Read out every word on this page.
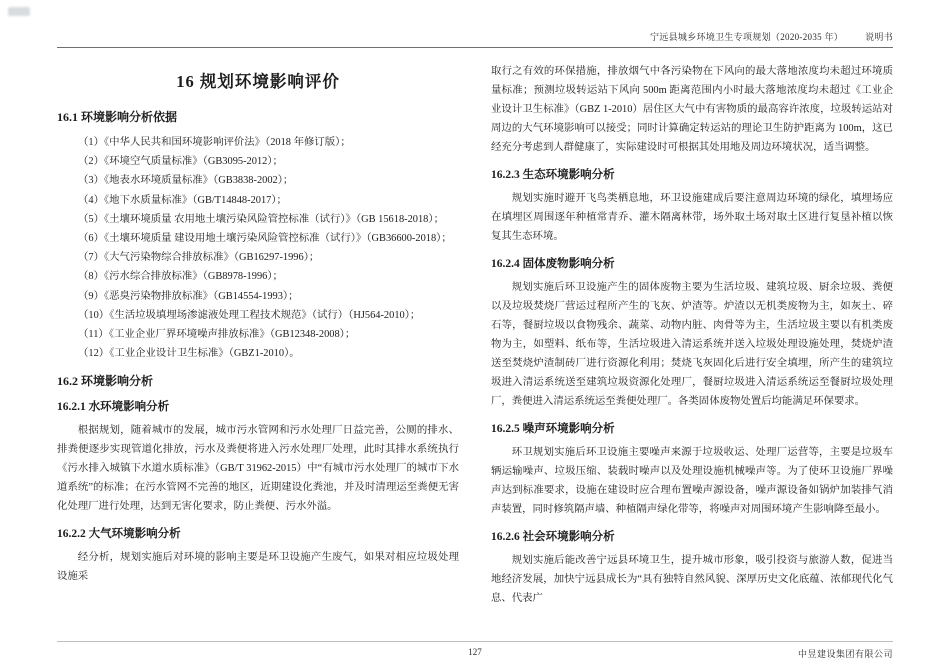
宁远县城乡环境卫生专项规划（2020-2035 年） 说明书
16 规划环境影响评价
16.1 环境影响分析依据

（1）《中华人民共和国环境影响评价法》（2018 年修订版）；

（2）《环境空气质量标准》（GB3095-2012）；

（3）《地表水环境质量标准》（GB3838-2002）；

（4）《地下水质量标准》（GB/T14848-2017）；

（5）《土壤环境质量 农用地土壤污染风险管控标准（试行）》（GB 15618-2018）；

（6）《土壤环境质量 建设用地土壤污染风险管控标准（试行）》（GB36600-2018）；

（7）《大气污染物综合排放标准》（GB16297-1996）；

（8）《污水综合排放标准》（GB8978-1996）；

（9）《恶臭污染物排放标准》（GB14554-1993）；

（10）《生活垃圾填埋场渗滤液处理工程技术规范》（试行）（HJ564-2010）；

（11）《工业企业厂界环境噪声排放标准》（GB12348-2008）；

（12）《工业企业设计卫生标准》（GBZ1-2010）。

16.2 环境影响分析
16.2.1 水环境影响分析

根据规划，随着城市的发展，城市污水管网和污水处理厂日益完善，公厕的排水、排粪便逐步实现管道化排放，污水及粪便将进入污水处理厂处理，此时其排水系统执行《污水排入城镇下水道水质标准》（GB/T 31962-2015）中“有城市污水处理厂的城市下水道系统”的标准；在污水管网不完善的地区，近期建设化粪池，并及时清理运至粪便无害化处理厂进行处理，达到无害化要求，防止粪便、污水外溢。

16.2.2 大气环境影响分析

经分析，规划实施后对环境的影响主要是环卫设施产生废气，如果对相应垃圾处理设施采

取行之有效的环保措施，排放烟气中各污染物在下风向的最大落地浓度均未超过环境质量标准；预测垃圾转运站下风向 500m 距离范围内小时最大落地浓度均未超过《工业企业设计卫生标准》（GBZ 1-2010）居住区大气中有害物质的最高容许浓度，垃圾转运站对周边的大气环境影响可以接受；同时计算确定转运站的理论卫生防护距离为 100m，这已经充分考虑到人群健康了，实际建设时可根据其处用地及周边环境状况，适当调整。

16.2.3 生态环境影响分析

规划实施时避开飞鸟类栖息地，环卫设施建成后要注意周边环境的绿化，填埋场应在填埋区周围逐年种植常青乔、灌木隔离林带，场外取土场对取土区进行复垦补植以恢复其生态环境。

16.2.4 固体废物影响分析

规划实施后环卫设施产生的固体废物主要为生活垃圾、建筑垃圾、厨余垃圾、粪便以及垃圾焚烧厂营运过程所产生的飞灰、炉渣等。炉渣以无机类废物为主，如灰土、碎石等，餐厨垃圾以食物残余、蔬菜、动物内脏、肉骨等为主，生活垃圾主要以有机类废物为主，如塑料、纸布等，生活垃圾进入清运系统并送入垃圾处理设施处理，焚烧炉渣送至焚烧炉渣制砖厂进行资源化利用；焚烧飞灰固化后进行安全填埋，所产生的建筑垃圾进入清运系统送至建筑垃圾资源化处理厂，餐厨垃圾进入清运系统运至餐厨垃圾处理厂，粪便进入清运系统运至粪便处理厂。各类固体废物处置后均能满足环保要求。

16.2.5 噪声环境影响分析

环卫规划实施后环卫设施主要噪声来源于垃圾收运、处理厂运营等，主要是垃圾车辆运输噪声、垃圾压缩、装载时噪声以及处理设施机械噪声等。为了使环卫设施厂界噪声达到标准要求，设施在建设时应合理布置噪声源设备，噪声源设备如锅炉加装排气消声装置，同时修筑隔声墙、种植隔声绿化带等，将噪声对周围环境产生影响降至最小。

16.2.6 社会环境影响分析

规划实施后能改善宁远县环境卫生，提升城市形象，吸引投资与旅游人数，促进当地经济发展，加快宁远县成长为“具有独特自然风貌、深厚历史文化底蕴、浓郁现代化气息、代表广

127	中昱建设集团有限公司
